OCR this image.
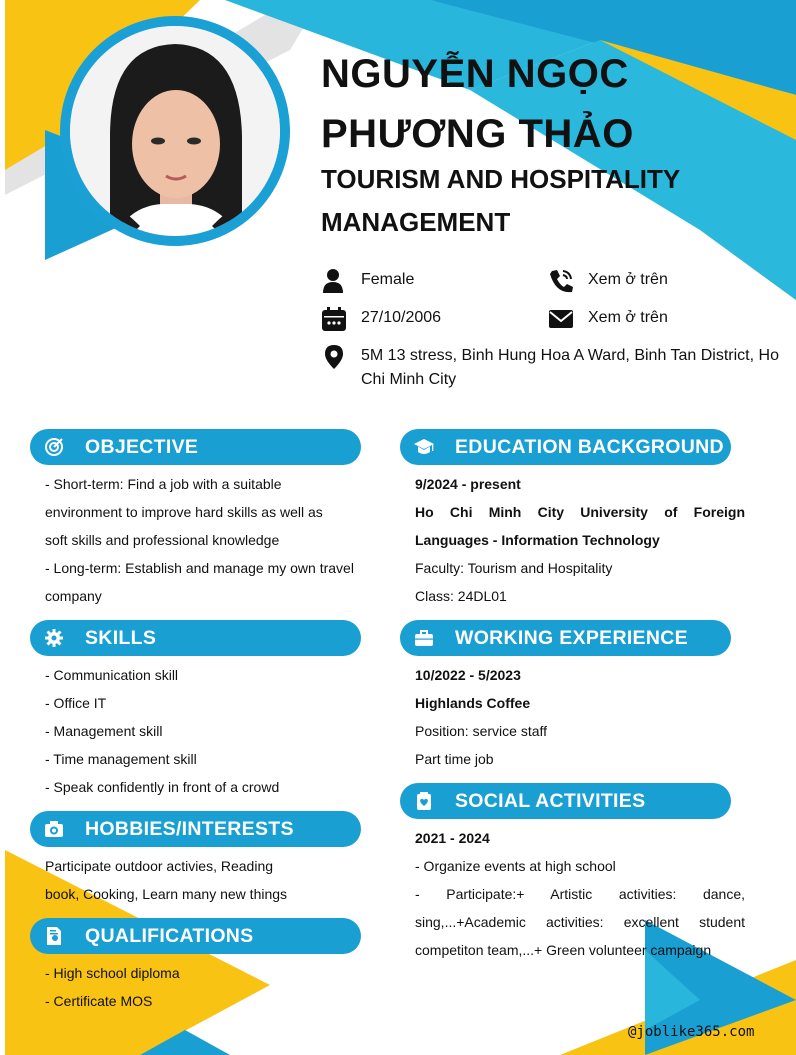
NGUYỄN NGỌC
PHƯƠNG THẢO
TOURISM AND HOSPITALITY
MANAGEMENT
Female	Xem ở trên
27/10/2006	Xem ở trên
5M 13 stress, Binh Hung Hoa A Ward, Binh Tan District, Ho Chi Minh City
OBJECTIVE
- Short-term: Find a job with a suitable
environment to improve hard skills as well as
soft skills and professional knowledge
- Long-term: Establish and manage my own travel
company
SKILLS
- Communication skill
- Office IT
- Management skill
- Time management skill
- Speak confidently in front of a crowd
HOBBIES/INTERESTS
Participate outdoor activies, Reading
book, Cooking, Learn many new things
QUALIFICATIONS
- High school diploma
- Certificate MOS
EDUCATION BACKGROUND
9/2024 - present
Ho Chi Minh City University of Foreign Languages - Information Technology
Faculty: Tourism and Hospitality
Class: 24DL01
WORKING EXPERIENCE
10/2022 - 5/2023
Highlands Coffee
Position: service staff
Part time job
SOCIAL ACTIVITIES
2021 - 2024
- Organize events at high school
- Participate:+ Artistic activities: dance, sing,...+Academic activities: excellent student competiton team,...+ Green volunteer campaign
@joblike365.com
